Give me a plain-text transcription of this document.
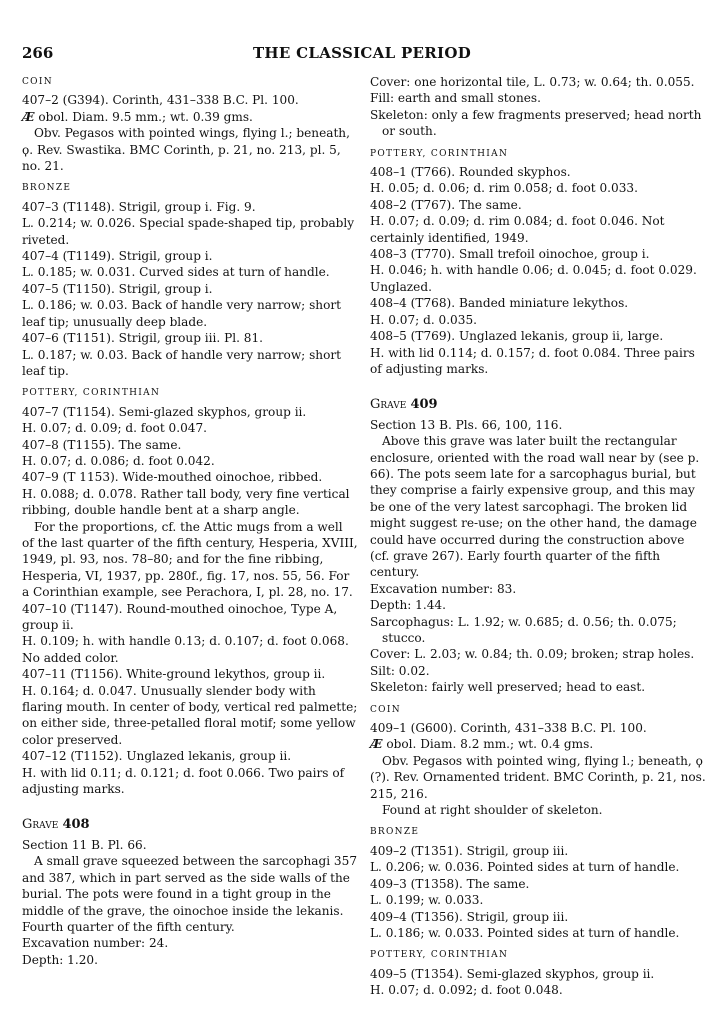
266	THE CLASSICAL PERIOD
COIN

407–2 (G394). Corinth, 431–338 B.C. Pl. 100.

Æ obol. Diam. 9.5 mm.; wt. 0.39 gms.

Obv. Pegasos with pointed wings, flying l.; beneath, ϙ. Rev. Swastika. BMC Corinth, p. 21, no. 213, pl. 5, no. 21.

BRONZE

407–3 (T1148). Strigil, group i. Fig. 9.

L. 0.214; w. 0.026. Special spade-shaped tip, probably riveted.

407–4 (T1149). Strigil, group i.

L. 0.185; w. 0.031. Curved sides at turn of handle.

407–5 (T1150). Strigil, group i.

L. 0.186; w. 0.03. Back of handle very narrow; short leaf tip; unusually deep blade.

407–6 (T1151). Strigil, group iii. Pl. 81.

L. 0.187; w. 0.03. Back of handle very narrow; short leaf tip.

POTTERY, CORINTHIAN

407–7 (T1154). Semi-glazed skyphos, group ii.

H. 0.07; d. 0.09; d. foot 0.047.

407–8 (T1155). The same.

H. 0.07; d. 0.086; d. foot 0.042.

407–9 (T 1153). Wide-mouthed oinochoe, ribbed.

H. 0.088; d. 0.078. Rather tall body, very fine vertical ribbing, double handle bent at a sharp angle.

For the proportions, cf. the Attic mugs from a well of the last quarter of the fifth century, Hesperia, XVIII, 1949, pl. 93, nos. 78–80; and for the fine ribbing, Hesperia, VI, 1937, pp. 280f., fig. 17, nos. 55, 56. For a Corinthian example, see Perachora, I, pl. 28, no. 17.

407–10 (T1147). Round-mouthed oinochoe, Type A, group ii.

H. 0.109; h. with handle 0.13; d. 0.107; d. foot 0.068. No added color.

407–11 (T1156). White-ground lekythos, group ii.

H. 0.164; d. 0.047. Unusually slender body with flaring mouth. In center of body, vertical red palmette; on either side, three-petalled floral motif; some yellow color preserved.

407–12 (T1152). Unglazed lekanis, group ii.

H. with lid 0.11; d. 0.121; d. foot 0.066. Two pairs of adjusting marks.

Grave 408

Section 11 B. Pl. 66.

A small grave squeezed between the sarcophagi 357 and 387, which in part served as the side walls of the burial. The pots were found in a tight group in the middle of the grave, the oinochoe inside the lekanis. Fourth quarter of the fifth century.

Excavation number: 24.

Depth: 1.20.

Cover: one horizontal tile, L. 0.73; w. 0.64; th. 0.055.

Fill: earth and small stones.

Skeleton: only a few fragments preserved; head north or south.

POTTERY, CORINTHIAN

408–1 (T766). Rounded skyphos.

H. 0.05; d. 0.06; d. rim 0.058; d. foot 0.033.

408–2 (T767). The same.

H. 0.07; d. 0.09; d. rim 0.084; d. foot 0.046. Not certainly identified, 1949.

408–3 (T770). Small trefoil oinochoe, group i.

H. 0.046; h. with handle 0.06; d. 0.045; d. foot 0.029. Unglazed.

408–4 (T768). Banded miniature lekythos.

H. 0.07; d. 0.035.

408–5 (T769). Unglazed lekanis, group ii, large.

H. with lid 0.114; d. 0.157; d. foot 0.084. Three pairs of adjusting marks.

Grave 409

Section 13 B. Pls. 66, 100, 116.

Above this grave was later built the rectangular enclosure, oriented with the road wall near by (see p. 66). The pots seem late for a sarcophagus burial, but they comprise a fairly expensive group, and this may be one of the very latest sarcophagi. The broken lid might suggest re-use; on the other hand, the damage could have occurred during the construction above (cf. grave 267). Early fourth quarter of the fifth century.

Excavation number: 83.

Depth: 1.44.

Sarcophagus: L. 1.92; w. 0.685; d. 0.56; th. 0.075; stucco.

Cover: L. 2.03; w. 0.84; th. 0.09; broken; strap holes.

Silt: 0.02.

Skeleton: fairly well preserved; head to east.

COIN

409–1 (G600). Corinth, 431–338 B.C. Pl. 100.

Æ obol. Diam. 8.2 mm.; wt. 0.4 gms.

Obv. Pegasos with pointed wing, flying l.; beneath, ϙ (?). Rev. Ornamented trident. BMC Corinth, p. 21, nos. 215, 216.

Found at right shoulder of skeleton.

BRONZE

409–2 (T1351). Strigil, group iii.

L. 0.206; w. 0.036. Pointed sides at turn of handle.

409–3 (T1358). The same.

L. 0.199; w. 0.033.

409–4 (T1356). Strigil, group iii.

L. 0.186; w. 0.033. Pointed sides at turn of handle.

POTTERY, CORINTHIAN

409–5 (T1354). Semi-glazed skyphos, group ii.

H. 0.07; d. 0.092; d. foot 0.048.
